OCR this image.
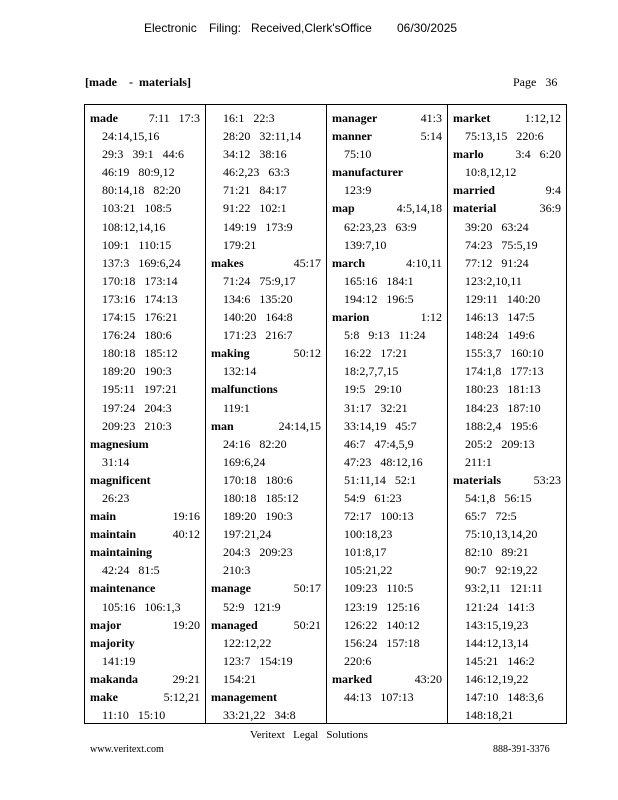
Electronic Filing: Received,Clerk'sOffice 06/30/2025
[made    -  materials]	Page   36
made	7:11   17:3
24:14,15,16
29:3   39:1   44:6
46:19   80:9,12
80:14,18   82:20
103:21   108:5
108:12,14,16
109:1   110:15
137:3   169:6,24
170:18   173:14
173:16   174:13
174:15   176:21
176:24   180:6
180:18   185:12
189:20   190:3
195:11   197:21
197:24   204:3
209:23   210:3
magnesium
31:14
magnificent
26:23
main	19:16
maintain	40:12
maintaining
42:24   81:5
maintenance
105:16   106:1,3
major	19:20
majority
141:19
makanda	29:21
make	5:12,21
11:10   15:10
16:1   22:3
28:20   32:11,14
34:12   38:16
46:2,23   63:3
71:21   84:17
91:22   102:1
149:19   173:9
179:21
makes	45:17
71:24   75:9,17
134:6   135:20
140:20   164:8
171:23   216:7
making	50:12
132:14
malfunctions
119:1
man	24:14,15
24:16   82:20
169:6,24
170:18   180:6
180:18   185:12
189:20   190:3
197:21,24
204:3   209:23
210:3
manage	50:17
52:9   121:9
managed	50:21
122:12,22
123:7   154:19
154:21
management
33:21,22   34:8
manager	41:3
manner	5:14
75:10
manufacturer
123:9
map	4:5,14,18
62:23,23   63:9
139:7,10
march	4:10,11
165:16   184:1
194:12   196:5
marion	1:12
5:8   9:13   11:24
16:22   17:21
18:2,7,7,15
19:5   29:10
31:17   32:21
33:14,19   45:7
46:7   47:4,5,9
47:23   48:12,16
51:11,14   52:1
54:9   61:23
72:17   100:13
100:18,23
101:8,17
105:21,22
109:23   110:5
123:19   125:16
126:22   140:12
156:24   157:18
220:6
marked	43:20
44:13   107:13
market	1:12,12
75:13,15   220:6
marlo	3:4   6:20
10:8,12,12
married	9:4
material	36:9
39:20   63:24
74:23   75:5,19
77:12   91:24
123:2,10,11
129:11   140:20
146:13   147:5
148:24   149:6
155:3,7   160:10
174:1,8   177:13
180:23   181:13
184:23   187:10
188:2,4   195:6
205:2   209:13
211:1
materials	53:23
54:1,8   56:15
65:7   72:5
75:10,13,14,20
82:10   89:21
90:7   92:19,22
93:2,11   121:11
121:24   141:3
143:15,19,23
144:12,13,14
145:21   146:2
146:12,19,22
147:10   148:3,6
148:18,21
Veritext   Legal   Solutions
www.veritext.com	888-391-3376
